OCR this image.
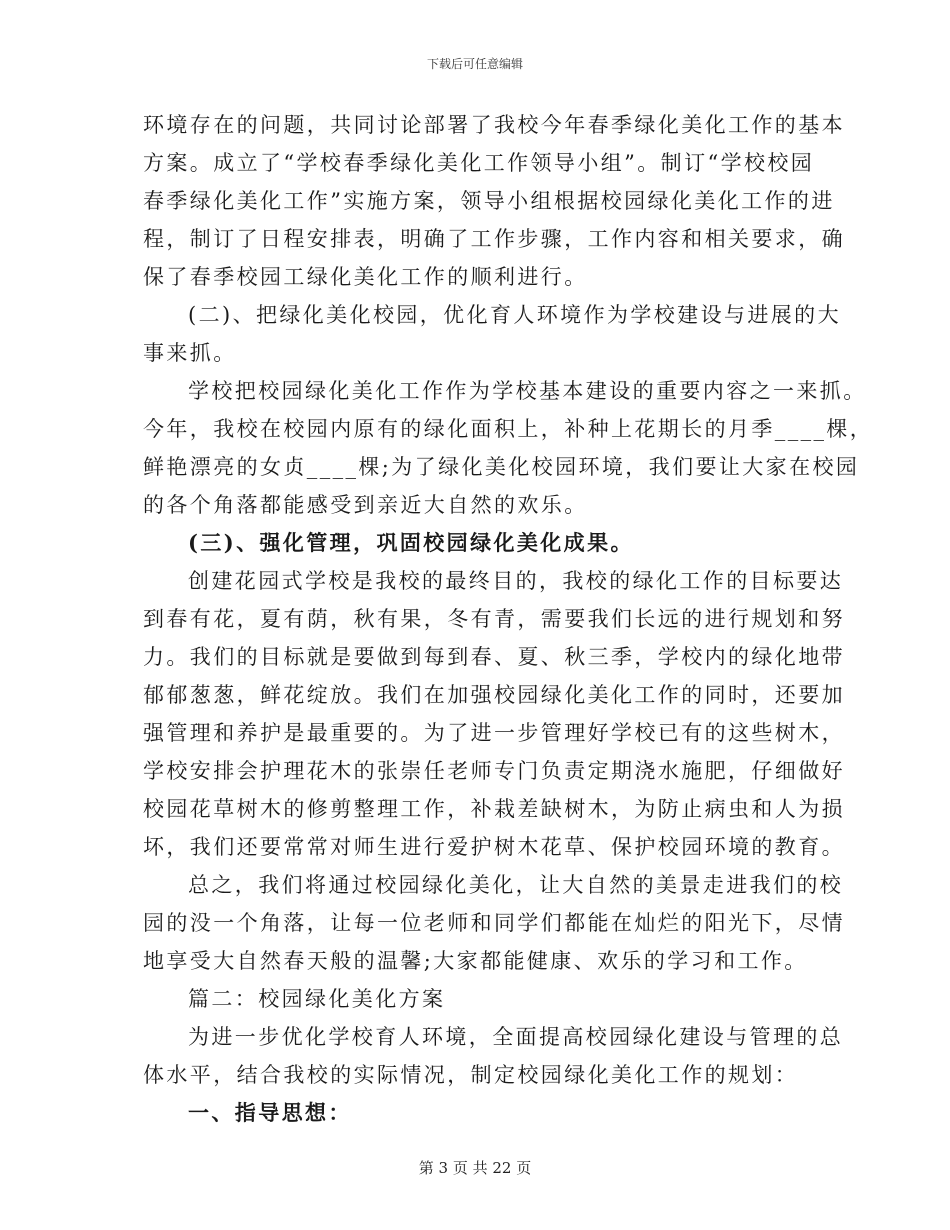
下载后可任意编辑
环境存在的问题，共同讨论部署了我校今年春季绿化美化工作的基本
方案。成立了“学校春季绿化美化工作领导小组”。制订“学校校园
春季绿化美化工作”实施方案，领导小组根据校园绿化美化工作的进
程，制订了日程安排表，明确了工作步骤，工作内容和相关要求，确
保了春季校园工绿化美化工作的顺利进行。
(二)、把绿化美化校园，优化育人环境作为学校建设与进展的大
事来抓。
学校把校园绿化美化工作作为学校基本建设的重要内容之一来抓。
今年，我校在校园内原有的绿化面积上，补种上花期长的月季____棵，
鲜艳漂亮的女贞____棵;为了绿化美化校园环境，我们要让大家在校园
的各个角落都能感受到亲近大自然的欢乐。
(三)、强化管理，巩固校园绿化美化成果。
创建花园式学校是我校的最终目的，我校的绿化工作的目标要达
到春有花，夏有荫，秋有果，冬有青，需要我们长远的进行规划和努
力。我们的目标就是要做到每到春、夏、秋三季，学校内的绿化地带
郁郁葱葱，鲜花绽放。我们在加强校园绿化美化工作的同时，还要加
强管理和养护是最重要的。为了进一步管理好学校已有的这些树木，
学校安排会护理花木的张崇任老师专门负责定期浇水施肥，仔细做好
校园花草树木的修剪整理工作，补栽差缺树木，为防止病虫和人为损
坏，我们还要常常对师生进行爱护树木花草、保护校园环境的教育。
总之，我们将通过校园绿化美化，让大自然的美景走进我们的校
园的没一个角落，让每一位老师和同学们都能在灿烂的阳光下，尽情
地享受大自然春天般的温馨;大家都能健康、欢乐的学习和工作。
篇二：校园绿化美化方案
为进一步优化学校育人环境，全面提高校园绿化建设与管理的总
体水平，结合我校的实际情况，制定校园绿化美化工作的规划：
一、指导思想：
第 3 页 共 22 页
